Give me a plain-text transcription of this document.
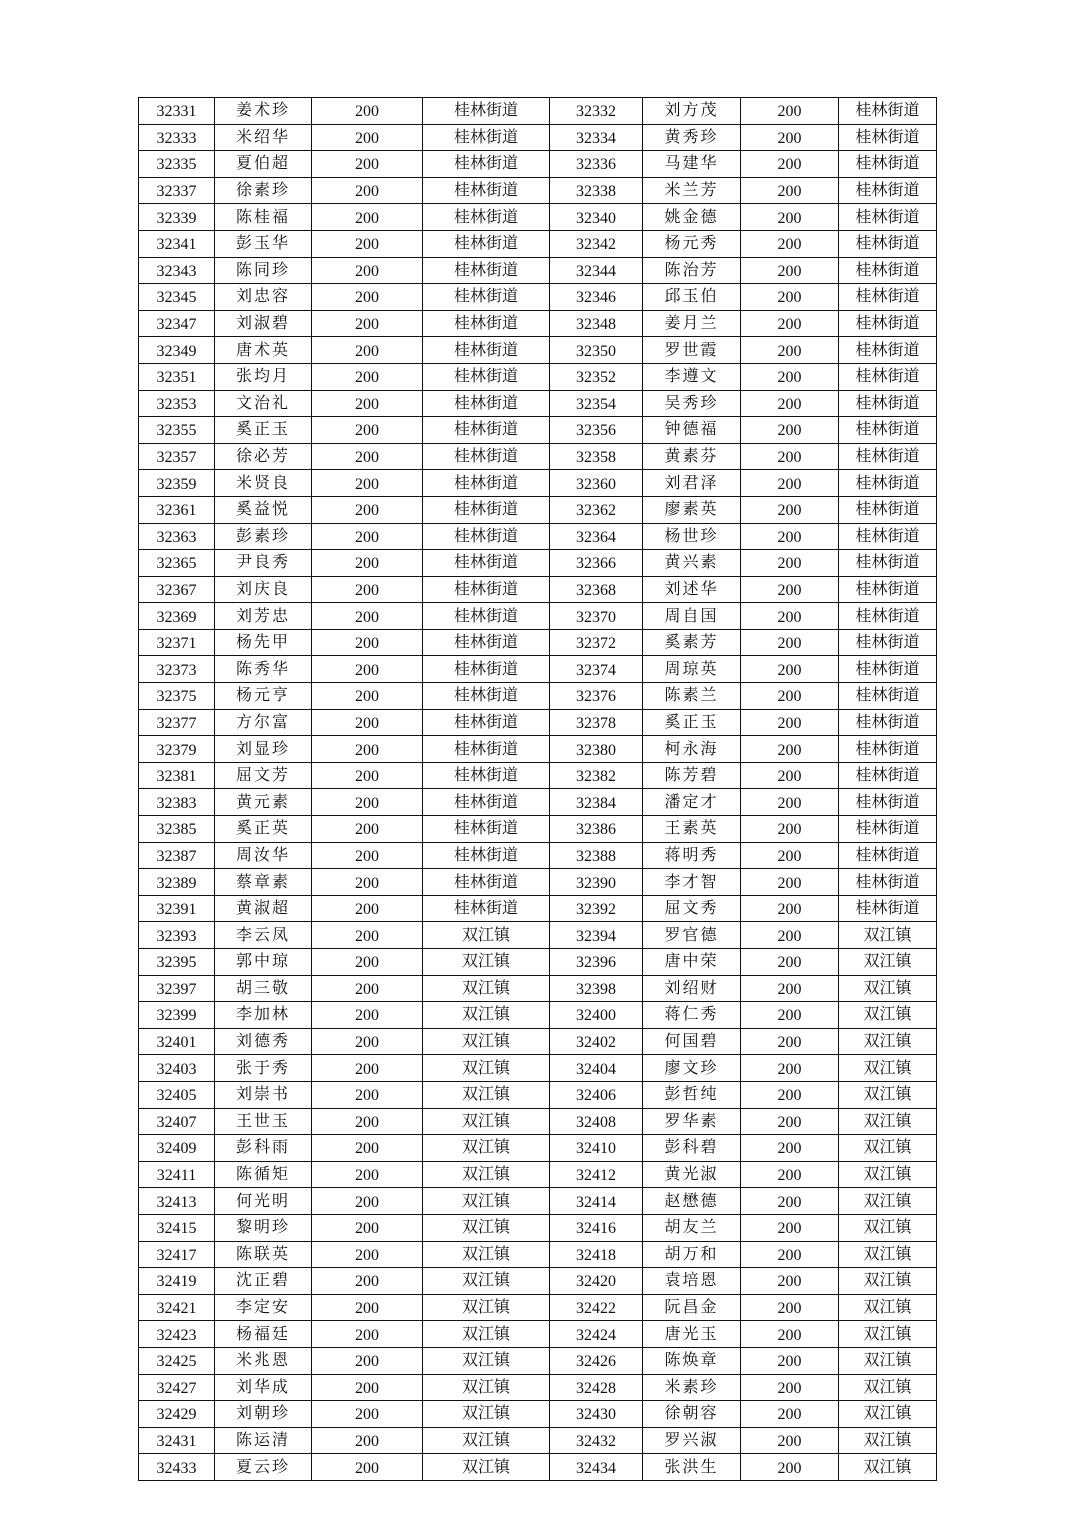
32331	姜术珍	200	桂林街道	32332	刘方茂	200	桂林街道
32333	米绍华	200	桂林街道	32334	黄秀珍	200	桂林街道
32335	夏伯超	200	桂林街道	32336	马建华	200	桂林街道
32337	徐素珍	200	桂林街道	32338	米兰芳	200	桂林街道
32339	陈桂福	200	桂林街道	32340	姚金德	200	桂林街道
32341	彭玉华	200	桂林街道	32342	杨元秀	200	桂林街道
32343	陈同珍	200	桂林街道	32344	陈治芳	200	桂林街道
32345	刘忠容	200	桂林街道	32346	邱玉伯	200	桂林街道
32347	刘淑碧	200	桂林街道	32348	姜月兰	200	桂林街道
32349	唐术英	200	桂林街道	32350	罗世霞	200	桂林街道
32351	张均月	200	桂林街道	32352	李遵文	200	桂林街道
32353	文治礼	200	桂林街道	32354	吴秀珍	200	桂林街道
32355	奚正玉	200	桂林街道	32356	钟德福	200	桂林街道
32357	徐必芳	200	桂林街道	32358	黄素芬	200	桂林街道
32359	米贤良	200	桂林街道	32360	刘君泽	200	桂林街道
32361	奚益悦	200	桂林街道	32362	廖素英	200	桂林街道
32363	彭素珍	200	桂林街道	32364	杨世珍	200	桂林街道
32365	尹良秀	200	桂林街道	32366	黄兴素	200	桂林街道
32367	刘庆良	200	桂林街道	32368	刘述华	200	桂林街道
32369	刘芳忠	200	桂林街道	32370	周自国	200	桂林街道
32371	杨先甲	200	桂林街道	32372	奚素芳	200	桂林街道
32373	陈秀华	200	桂林街道	32374	周琼英	200	桂林街道
32375	杨元亨	200	桂林街道	32376	陈素兰	200	桂林街道
32377	方尔富	200	桂林街道	32378	奚正玉	200	桂林街道
32379	刘显珍	200	桂林街道	32380	柯永海	200	桂林街道
32381	屈文芳	200	桂林街道	32382	陈芳碧	200	桂林街道
32383	黄元素	200	桂林街道	32384	潘定才	200	桂林街道
32385	奚正英	200	桂林街道	32386	王素英	200	桂林街道
32387	周汝华	200	桂林街道	32388	蒋明秀	200	桂林街道
32389	蔡章素	200	桂林街道	32390	李才智	200	桂林街道
32391	黄淑超	200	桂林街道	32392	屈文秀	200	桂林街道
32393	李云凤	200	双江镇	32394	罗官德	200	双江镇
32395	郭中琼	200	双江镇	32396	唐中荣	200	双江镇
32397	胡三敬	200	双江镇	32398	刘绍财	200	双江镇
32399	李加林	200	双江镇	32400	蒋仁秀	200	双江镇
32401	刘德秀	200	双江镇	32402	何国碧	200	双江镇
32403	张于秀	200	双江镇	32404	廖文珍	200	双江镇
32405	刘崇书	200	双江镇	32406	彭哲纯	200	双江镇
32407	王世玉	200	双江镇	32408	罗华素	200	双江镇
32409	彭科雨	200	双江镇	32410	彭科碧	200	双江镇
32411	陈循矩	200	双江镇	32412	黄光淑	200	双江镇
32413	何光明	200	双江镇	32414	赵懋德	200	双江镇
32415	黎明珍	200	双江镇	32416	胡友兰	200	双江镇
32417	陈联英	200	双江镇	32418	胡万和	200	双江镇
32419	沈正碧	200	双江镇	32420	袁培恩	200	双江镇
32421	李定安	200	双江镇	32422	阮昌金	200	双江镇
32423	杨福廷	200	双江镇	32424	唐光玉	200	双江镇
32425	米兆恩	200	双江镇	32426	陈焕章	200	双江镇
32427	刘华成	200	双江镇	32428	米素珍	200	双江镇
32429	刘朝珍	200	双江镇	32430	徐朝容	200	双江镇
32431	陈运清	200	双江镇	32432	罗兴淑	200	双江镇
32433	夏云珍	200	双江镇	32434	张洪生	200	双江镇
